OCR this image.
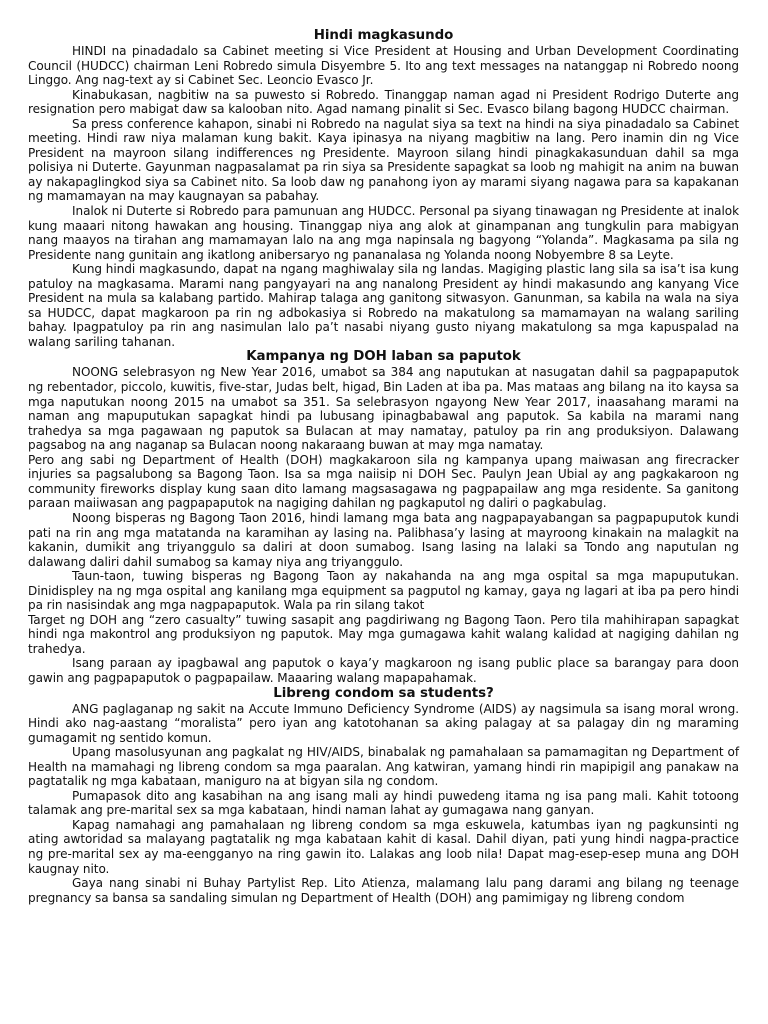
Hindi magkasundo

HINDI na pinadadalo sa Cabinet meeting si Vice President at Housing and Urban Development Coordinating Council (HUDCC) chairman Leni Robredo simula Disyembre 5. Ito ang text messages na natanggap ni Robredo noong Linggo. Ang nag-text ay si Cabinet Sec. Leoncio Evasco Jr.

Kinabukasan, nagbitiw na sa puwesto si Robredo. Tinanggap naman agad ni President Rodrigo Duterte ang resignation pero mabigat daw sa kalooban nito. Agad namang pinalit si Sec. Evasco bilang bagong HUDCC chairman.

Sa press conference kahapon, sinabi ni Robredo na nagulat siya sa text na hindi na siya pinadadalo sa Cabinet meeting. Hindi raw niya malaman kung bakit. Kaya ipinasya na niyang magbitiw na lang. Pero inamin din ng Vice President na mayroon silang indifferences ng Presidente. Mayroon silang hindi pinagkakasunduan dahil sa mga polisiya ni Duterte. Gayunman nagpasalamat pa rin siya sa Presidente sapagkat sa loob ng mahigit na anim na buwan ay nakapaglingkod siya sa Cabinet nito. Sa loob daw ng panahong iyon ay marami siyang nagawa para sa kapakanan ng mamamayan na may kaugnayan sa pabahay.

Inalok ni Duterte si Robredo para pamunuan ang HUDCC. Personal pa siyang tinawagan ng Presidente at inalok kung maaari nitong hawakan ang housing. Tinanggap niya ang alok at ginampanan ang tungkulin para mabigyan nang maayos na tirahan ang mamamayan lalo na ang mga napinsala ng bagyong “Yolanda”. Magkasama pa sila ng Presidente nang gunitain ang ikatlong anibersaryo ng pananalasa ng Yolanda noong Nobyembre 8 sa Leyte.

Kung hindi magkasundo, dapat na ngang maghiwalay sila ng landas. Magiging plastic lang sila sa isa’t isa kung patuloy na magkasama. Marami nang pangyayari na ang nanalong President ay hindi makasundo ang kanyang Vice President na mula sa kalabang partido. Mahirap talaga ang ganitong sitwasyon. Ganunman, sa kabila na wala na siya sa HUDCC, dapat magkaroon pa rin ng adbokasiya si Robredo na makatulong sa mamamayan na walang sariling bahay. Ipagpatuloy pa rin ang nasimulan lalo pa’t nasabi niyang gusto niyang makatulong sa mga kapuspalad na walang sariling tahanan.

Kampanya ng DOH laban sa paputok

NOONG selebrasyon ng New Year 2016, umabot sa 384 ang naputukan at nasugatan dahil sa pagpapaputok ng rebentador, piccolo, kuwitis, five-star, Judas belt, higad, Bin Laden at iba pa. Mas mataas ang bilang na ito kaysa sa mga naputukan noong 2015 na umabot sa 351. Sa selebrasyon ngayong New Year 2017, inaasahang marami na naman ang mapuputukan sapagkat hindi pa lubusang ipinagbabawal ang paputok. Sa kabila na marami nang trahedya sa mga pagawaan ng paputok sa Bulacan at may namatay, patuloy pa rin ang produksiyon. Dalawang pagsabog na ang naganap sa Bulacan noong nakaraang buwan at may mga namatay.

Pero ang sabi ng Department of Health (DOH) magkakaroon sila ng kampanya upang maiwasan ang firecracker injuries sa pagsalubong sa Bagong Taon. Isa sa mga naiisip ni DOH Sec. Paulyn Jean Ubial ay ang pagkakaroon ng community fireworks display kung saan dito lamang magsasagawa ng pagpapailaw ang mga residente. Sa ganitong paraan maiiwasan ang pagpapaputok na nagiging dahilan ng pagkaputol ng daliri o pagkabulag.

Noong bisperas ng Bagong Taon 2016, hindi lamang mga bata ang nagpapayabangan sa pagpapuputok kundi pati na rin ang mga matatanda na karamihan ay lasing na. Palibhasa’y lasing at mayroong kinakain na malagkit na kakanin, dumikit ang triyanggulo sa daliri at doon sumabog. Isang lasing na lalaki sa Tondo ang naputulan ng dalawang daliri dahil sumabog sa kamay niya ang triyanggulo.

Taun-taon, tuwing bisperas ng Bagong Taon ay nakahanda na ang mga ospital sa mga mapuputukan. Dinidispley na ng mga ospital ang kanilang mga equipment sa pagputol ng kamay, gaya ng lagari at iba pa pero hindi pa rin nasisindak ang mga nagpapaputok. Wala pa rin silang takot

Target ng DOH ang “zero casualty” tuwing sasapit ang pagdiriwang ng Bagong Taon. Pero tila mahihirapan sapagkat hindi nga makontrol ang produksiyon ng paputok. May mga gumagawa kahit walang kalidad at nagiging dahilan ng trahedya.

Isang paraan ay ipagbawal ang paputok o kaya’y magkaroon ng isang public place sa barangay para doon gawin ang pagpapaputok o pagpapailaw. Maaaring walang mapapahamak.

Libreng condom sa students?

ANG paglaganap ng sakit na Accute Immuno Deficiency Syndrome (AIDS) ay nagsimula sa isang moral wrong. Hindi ako nag-aastang “moralista” pero iyan ang katotohanan sa aking palagay at sa palagay din ng maraming gumagamit ng sentido komun.

Upang masolusyunan ang pagkalat ng HIV/AIDS, binabalak ng pamahalaan sa pamamagitan ng Department of Health na mamahagi ng libreng condom sa mga paaralan. Ang katwiran, yamang hindi rin mapipigil ang panakaw na pagtatalik ng mga kabataan, maniguro na at bigyan sila ng condom.

Pumapasok dito ang kasabihan na ang isang mali ay hindi puwedeng itama ng isa pang mali. Kahit totoong talamak ang pre-marital sex sa mga kabataan, hindi naman lahat ay gumagawa nang ganyan.

Kapag namahagi ang pamahalaan ng libreng condom sa mga eskuwela, katumbas iyan ng pagkunsinti ng ating awtoridad sa malayang pagtatalik ng mga kabataan kahit di kasal. Dahil diyan, pati yung hindi nagpa-practice ng pre-marital sex ay ma-eengganyo na ring gawin ito. Lalakas ang loob nila! Dapat mag-esep-esep muna ang DOH kaugnay nito.

Gaya nang sinabi ni Buhay Partylist Rep. Lito Atienza, malamang lalu pang darami ang bilang ng teenage pregnancy sa bansa sa sandaling simulan ng Department of Health (DOH) ang pamimigay ng libreng condom
